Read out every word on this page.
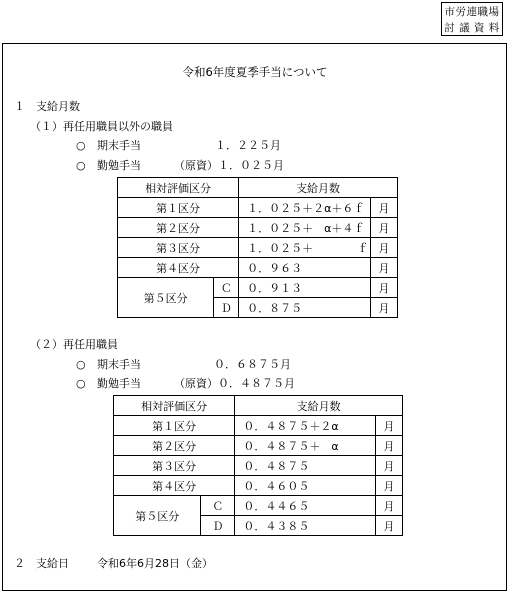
市労連職場
討 議 資 料
令和6年度夏季手当について
１　支給月数
（１）再任用職員以外の職員
○ 期末手当	１．２２５月
○ 勤勉手当	（原資）１．０２５月
相対評価区分		支給月数	
第１区分		１．０２５＋２α＋６ｆ	月
第２区分		１．０２５＋　α＋４ｆ	月
第３区分		１．０２５＋　　　　ｆ	月
第４区分		０．９６３	月
第５区分	Ｃ	０．９１３	月
	Ｄ	０．８７５	月
（２）再任用職員
○ 期末手当	０．６８７５月
○ 勤勉手当	（原資）０．４８７５月
相対評価区分		支給月数	
第１区分		０．４８７５＋２α	月
第２区分		０．４８７５＋　α	月
第３区分		０．４８７５	月
第４区分		０．４６０５	月
第５区分	Ｃ	０．４４６５	月
	Ｄ	０．４３８５	月
２　支給日	令和6年6月28日（金）
